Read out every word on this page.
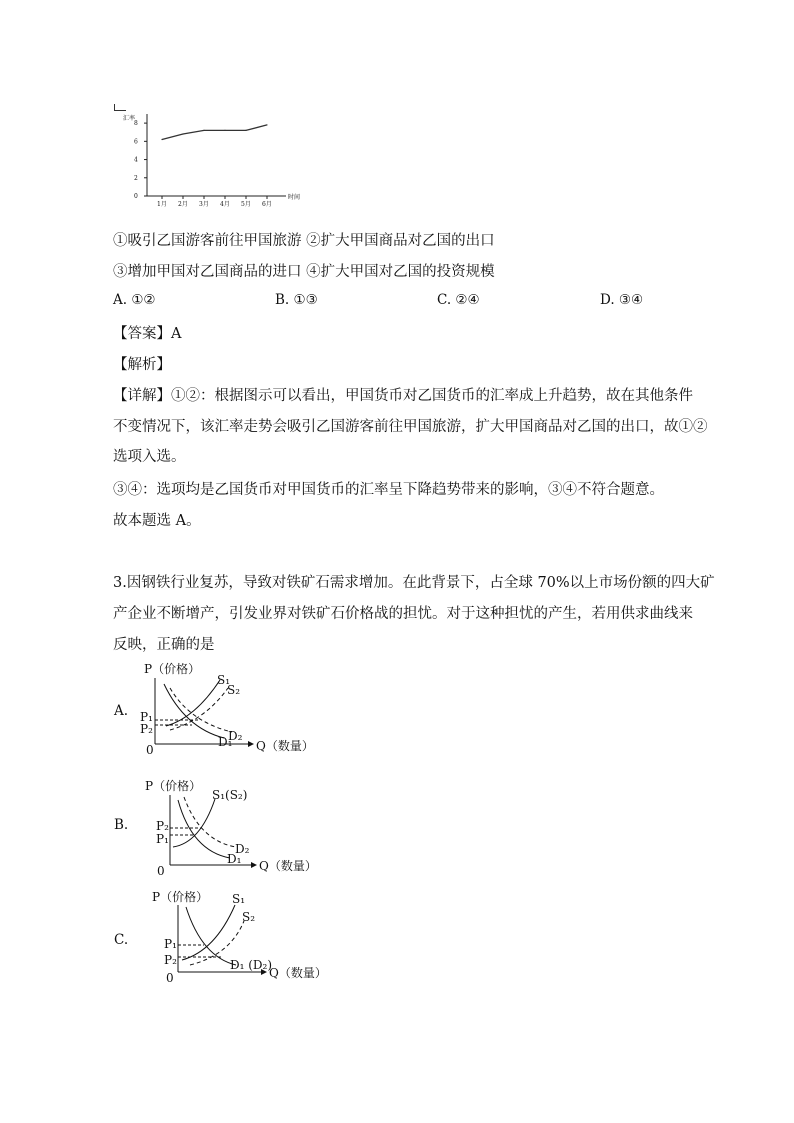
汇率
时间
0
2
4
6
8
1月 2月 3月 4月 5月 6月
①吸引乙国游客前往甲国旅游 ②扩大甲国商品对乙国的出口
③增加甲国对乙国商品的进口 ④扩大甲国对乙国的投资规模
A. ①②	B. ①③	C. ②④	D. ③④
【答案】A
【解析】
【详解】①②：根据图示可以看出，甲国货币对乙国货币的汇率成上升趋势，故在其他条件
不变情况下，该汇率走势会吸引乙国游客前往甲国旅游，扩大甲国商品对乙国的出口，故①②
选项入选。
③④：选项均是乙国货币对甲国货币的汇率呈下降趋势带来的影响，③④不符合题意。
故本题选 A。
3.因钢铁行业复苏，导致对铁矿石需求增加。在此背景下，占全球 70%以上市场份额的四大矿
产企业不断增产，引发业界对铁矿石价格战的担忧。对于这种担忧的产生，若用供求曲线来
反映，正确的是
A.
P（价格）
0	Q（数量）
S₁
S₂
D₂
D₁
P₁
P₂
B.
P（价格）
0	Q（数量）
S₁(S₂)
D₂
D₁
P₂
P₁
C.
P（价格）
0	Q（数量）
S₁
S₂
D₁ (D₂)
P₁
P₂
